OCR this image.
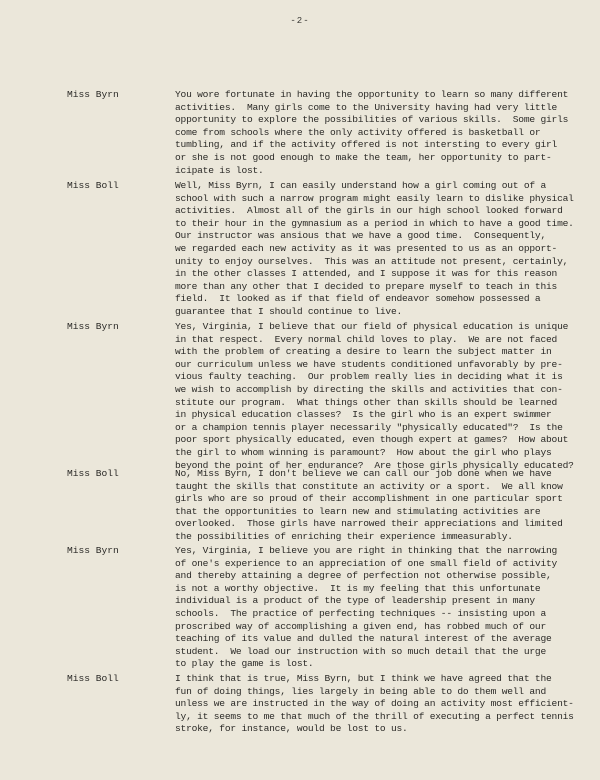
-2-
Miss Byrn	You wore fortunate in having the opportunity to learn so many different
activities.  Many girls come to the University having had very little
opportunity to explore the possibilities of various skills.  Some girls
come from schools where the only activity offered is basketball or
tumbling, and if the activity offered is not intersting to every girl
or she is not good enough to make the team, her opportunity to part-
icipate is lost.
Miss Boll	Well, Miss Byrn, I can easily understand how a girl coming out of a
school with such a narrow program might easily learn to dislike physical
activities.  Almost all of the girls in our high school looked forward
to their hour in the gymnasium as a period in which to have a good time.
Our instructor was ansious that we have a good time.  Consequently,
we regarded each new activity as it was presented to us as an opport-
unity to enjoy ourselves.  This was an attitude not present, certainly,
in the other classes I attended, and I suppose it was for this reason
more than any other that I decided to prepare myself to teach in this
field.  It looked as if that field of endeavor somehow possessed a
guarantee that I should continue to live.
Miss Byrn	Yes, Virginia, I believe that our field of physical education is unique
in that respect.  Every normal child loves to play.  We are not faced
with the problem of creating a desire to learn the subject matter in
our curriculum unless we have students conditioned unfavorably by pre-
vious faulty teaching.  Our problem really lies in deciding what it is
we wish to accomplish by directing the skills and activities that con-
stitute our program.  What things other than skills should be learned
in physical education classes?  Is the girl who is an expert swimmer
or a champion tennis player necessarily "physically educated"?  Is the
poor sport physically educated, even though expert at games?  How about
the girl to whom winning is paramount?  How about the girl who plays
beyond the point of her endurance?  Are those girls physically educated?
Miss Boll	No, Miss Byrn, I don't believe we can call our job done when we have
taught the skills that constitute an activity or a sport.  We all know
girls who are so proud of their accomplishment in one particular sport
that the opportunities to learn new and stimulating activities are
overlooked.  Those girls have narrowed their appreciations and limited
the possibilities of enriching their experience immeasurably.
Miss Byrn	Yes, Virginia, I believe you are right in thinking that the narrowing
of one's experience to an appreciation of one small field of activity
and thereby attaining a degree of perfection not otherwise possible,
is not a worthy objective.  It is my feeling that this unfortunate
individual is a product of the type of leadership present in many
schools.  The practice of perfecting techniques -- insisting upon a
proscribed way of accomplishing a given end, has robbed much of our
teaching of its value and dulled the natural interest of the average
student.  We load our instruction with so much detail that the urge
to play the game is lost.
Miss Boll	I think that is true, Miss Byrn, but I think we have agreed that the
fun of doing things, lies largely in being able to do them well and
unless we are instructed in the way of doing an activity most efficient-
ly, it seems to me that much of the thrill of executing a perfect tennis
stroke, for instance, would be lost to us.
